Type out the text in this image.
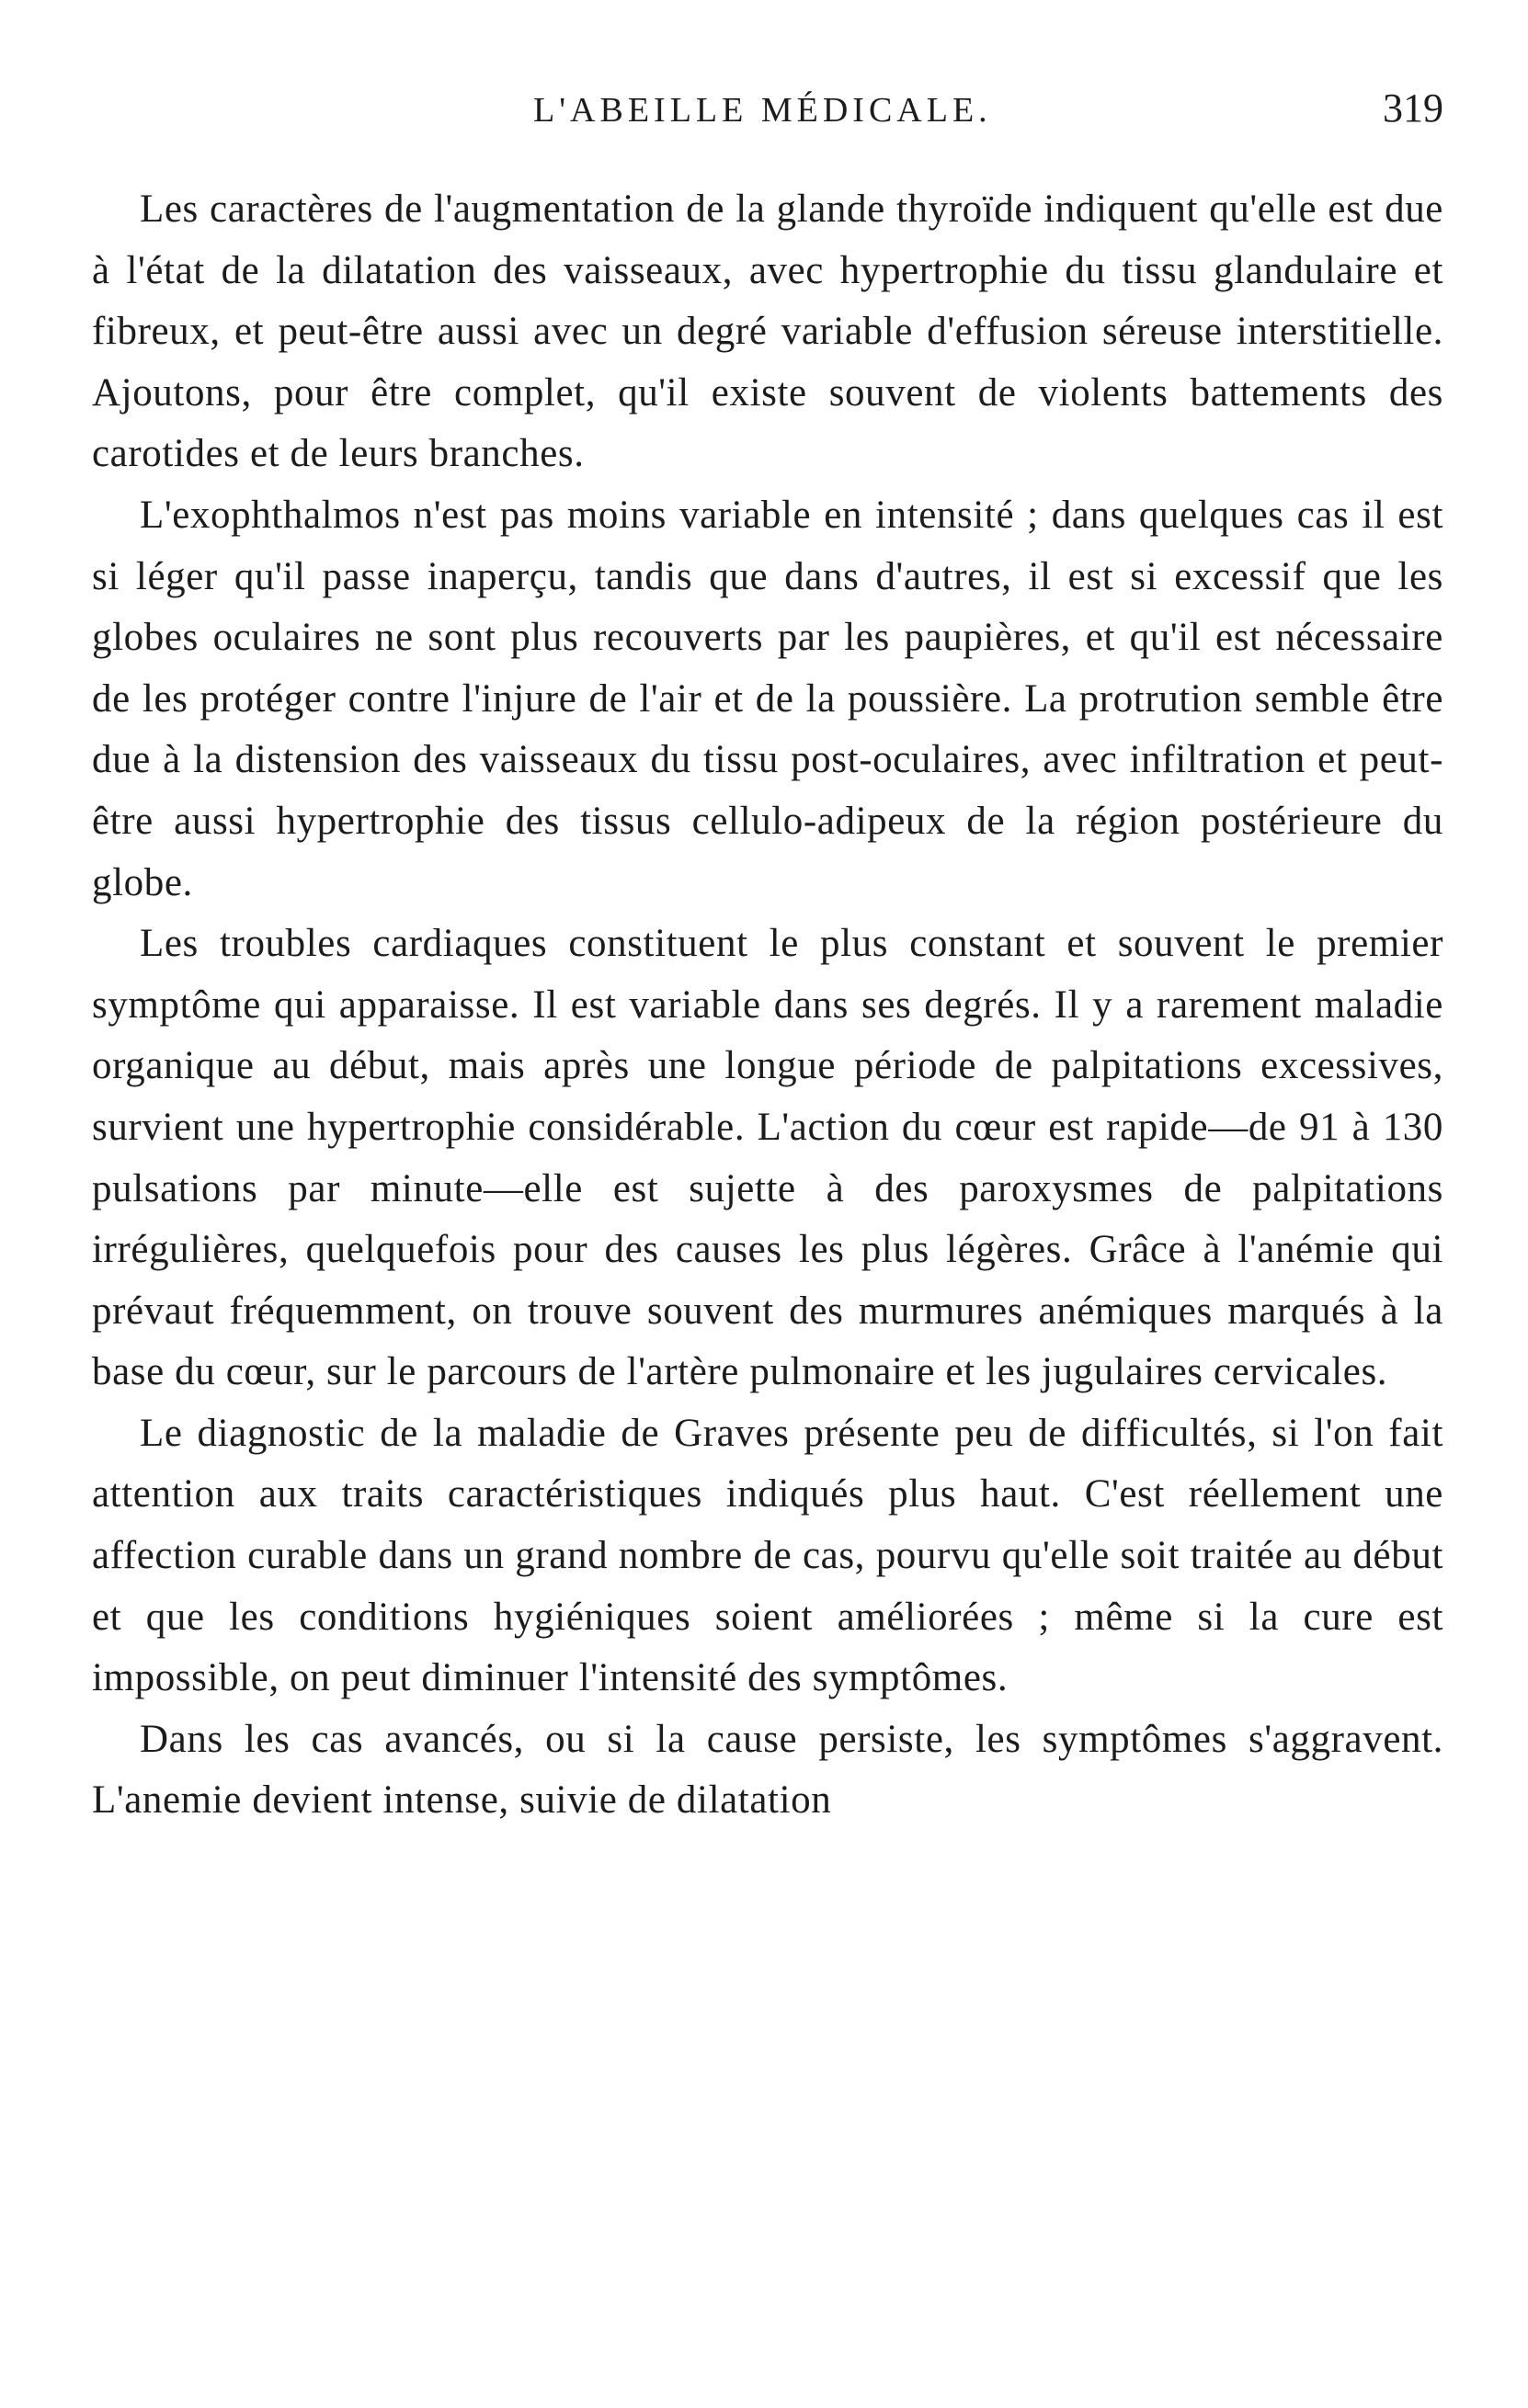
L'ABEILLE MÉDICALE.	319

Les caractères de l'augmentation de la glande thyroïde indiquent qu'elle est due à l'état de la dilatation des vaisseaux, avec hypertrophie du tissu glandulaire et fibreux, et peut-être aussi avec un degré variable d'effusion séreuse interstitielle. Ajoutons, pour être complet, qu'il existe souvent de violents battements des carotides et de leurs branches.

L'exophthalmos n'est pas moins variable en intensité ; dans quelques cas il est si léger qu'il passe inaperçu, tandis que dans d'autres, il est si excessif que les globes oculaires ne sont plus recouverts par les paupières, et qu'il est nécessaire de les protéger contre l'injure de l'air et de la poussière. La protrution semble être due à la distension des vaisseaux du tissu post-oculaires, avec infiltration et peut-être aussi hypertrophie des tissus cellulo-adipeux de la région postérieure du globe.

Les troubles cardiaques constituent le plus constant et souvent le premier symptôme qui apparaisse. Il est variable dans ses degrés. Il y a rarement maladie organique au début, mais après une longue période de palpitations excessives, survient une hypertrophie considérable. L'action du cœur est rapide—de 91 à 130 pulsations par minute—elle est sujette à des paroxysmes de palpitations irrégulières, quelquefois pour des causes les plus légères. Grâce à l'anémie qui prévaut fréquemment, on trouve souvent des murmures anémiques marqués à la base du cœur, sur le parcours de l'artère pulmonaire et les jugulaires cervicales.

Le diagnostic de la maladie de Graves présente peu de difficultés, si l'on fait attention aux traits caractéristiques indiqués plus haut. C'est réellement une affection curable dans un grand nombre de cas, pourvu qu'elle soit traitée au début et que les conditions hygiéniques soient améliorées ; même si la cure est impossible, on peut diminuer l'intensité des symptômes.

Dans les cas avancés, ou si la cause persiste, les symptômes s'aggravent. L'anemie devient intense, suivie de dilatation
